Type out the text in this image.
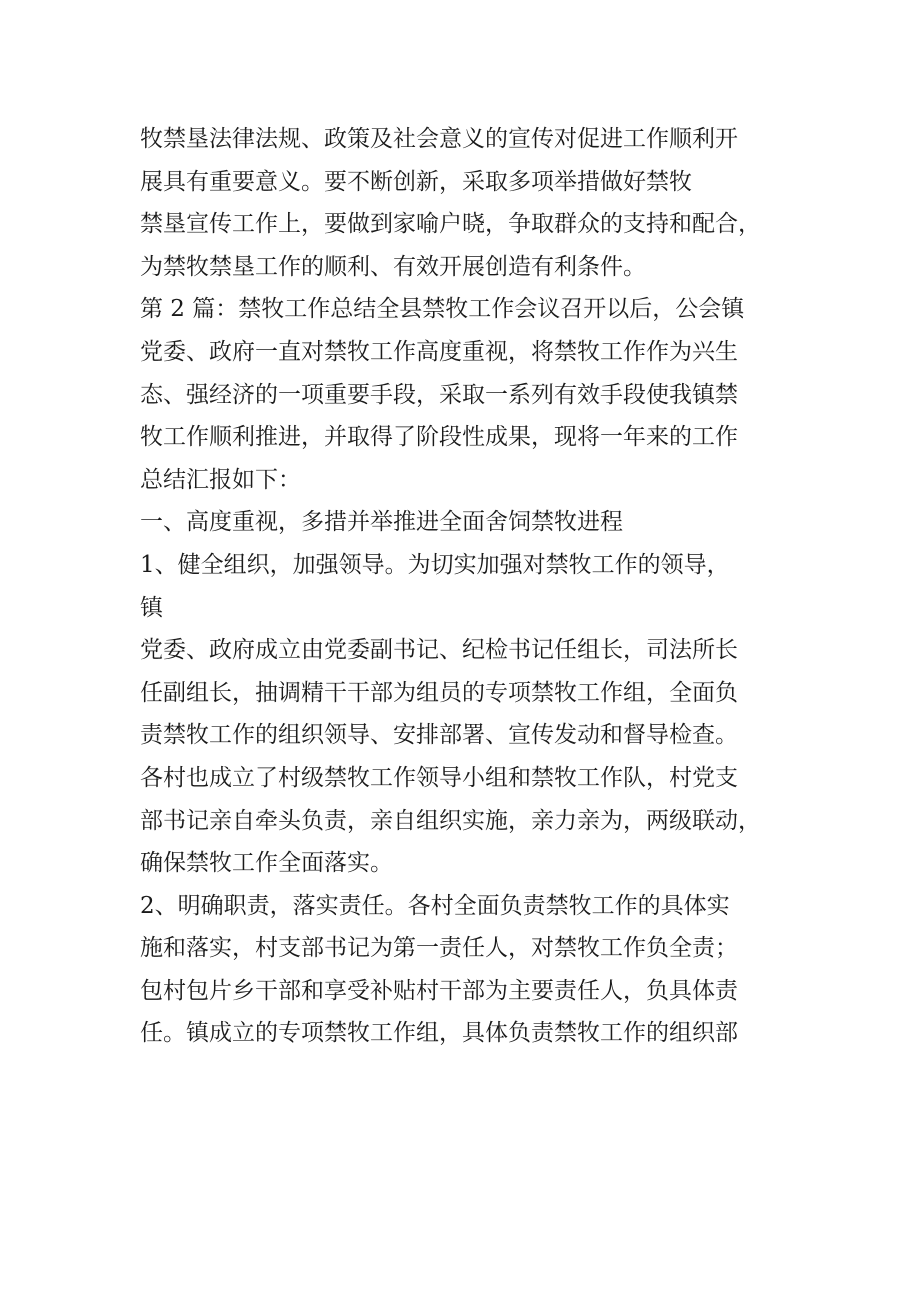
牧禁垦法律法规、政策及社会意义的宣传对促进工作顺利开
展具有重要意义。要不断创新，采取多项举措做好禁牧
禁垦宣传工作上，要做到家喻户晓，争取群众的支持和配合，
为禁牧禁垦工作的顺利、有效开展创造有利条件。
第 2 篇：禁牧工作总结全县禁牧工作会议召开以后，公会镇
党委、政府一直对禁牧工作高度重视，将禁牧工作作为兴生
态、强经济的一项重要手段，采取一系列有效手段使我镇禁
牧工作顺利推进，并取得了阶段性成果，现将一年来的工作
总结汇报如下：
一、高度重视，多措并举推进全面舍饲禁牧进程
1、健全组织，加强领导。为切实加强对禁牧工作的领导，
镇
党委、政府成立由党委副书记、纪检书记任组长，司法所长
任副组长，抽调精干干部为组员的专项禁牧工作组，全面负
责禁牧工作的组织领导、安排部署、宣传发动和督导检查。
各村也成立了村级禁牧工作领导小组和禁牧工作队，村党支
部书记亲自牵头负责，亲自组织实施，亲力亲为，两级联动，
确保禁牧工作全面落实。
2、明确职责，落实责任。各村全面负责禁牧工作的具体实
施和落实，村支部书记为第一责任人，对禁牧工作负全责；
包村包片乡干部和享受补贴村干部为主要责任人，负具体责
任。镇成立的专项禁牧工作组，具体负责禁牧工作的组织部
